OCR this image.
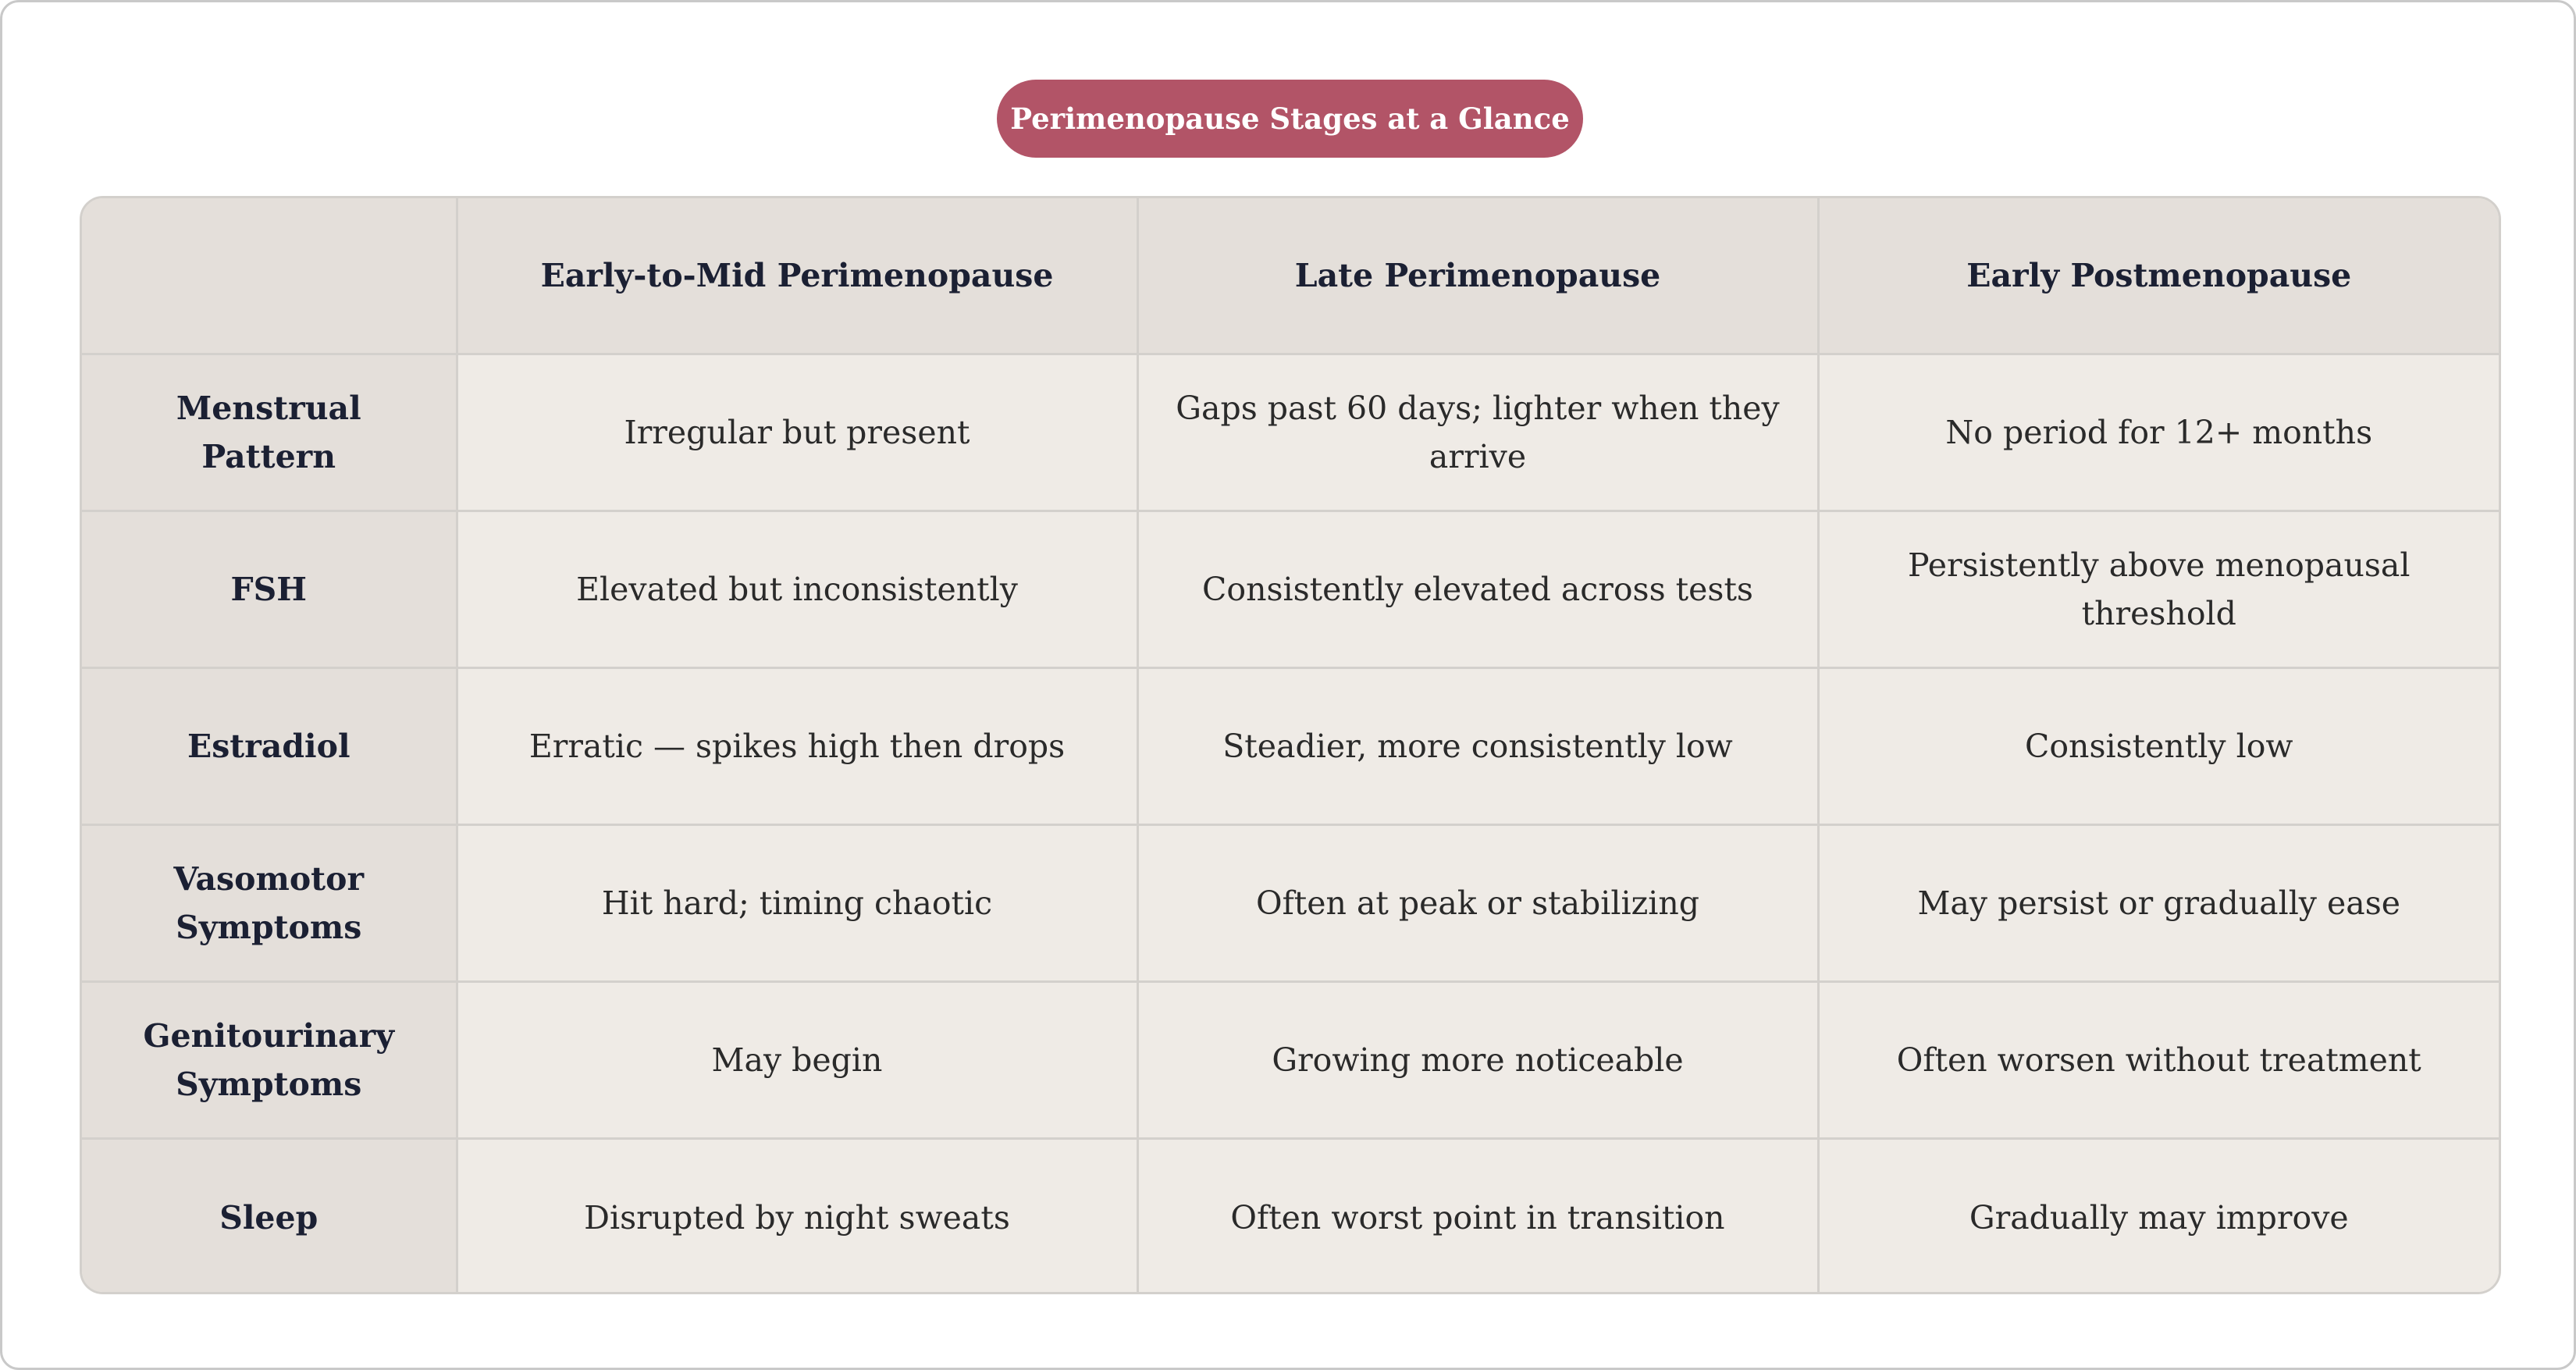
Perimenopause Stages at a Glance
	Early-to-Mid Perimenopause	Late Perimenopause	Early Postmenopause
Menstrual Pattern	Irregular but present	Gaps past 60 days; lighter when they arrive	No period for 12+ months
FSH	Elevated but inconsistently	Consistently elevated across tests	Persistently above menopausal threshold
Estradiol	Erratic — spikes high then drops	Steadier, more consistently low	Consistently low
Vasomotor Symptoms	Hit hard; timing chaotic	Often at peak or stabilizing	May persist or gradually ease
Genitourinary Symptoms	May begin	Growing more noticeable	Often worsen without treatment
Sleep	Disrupted by night sweats	Often worst point in transition	Gradually may improve
